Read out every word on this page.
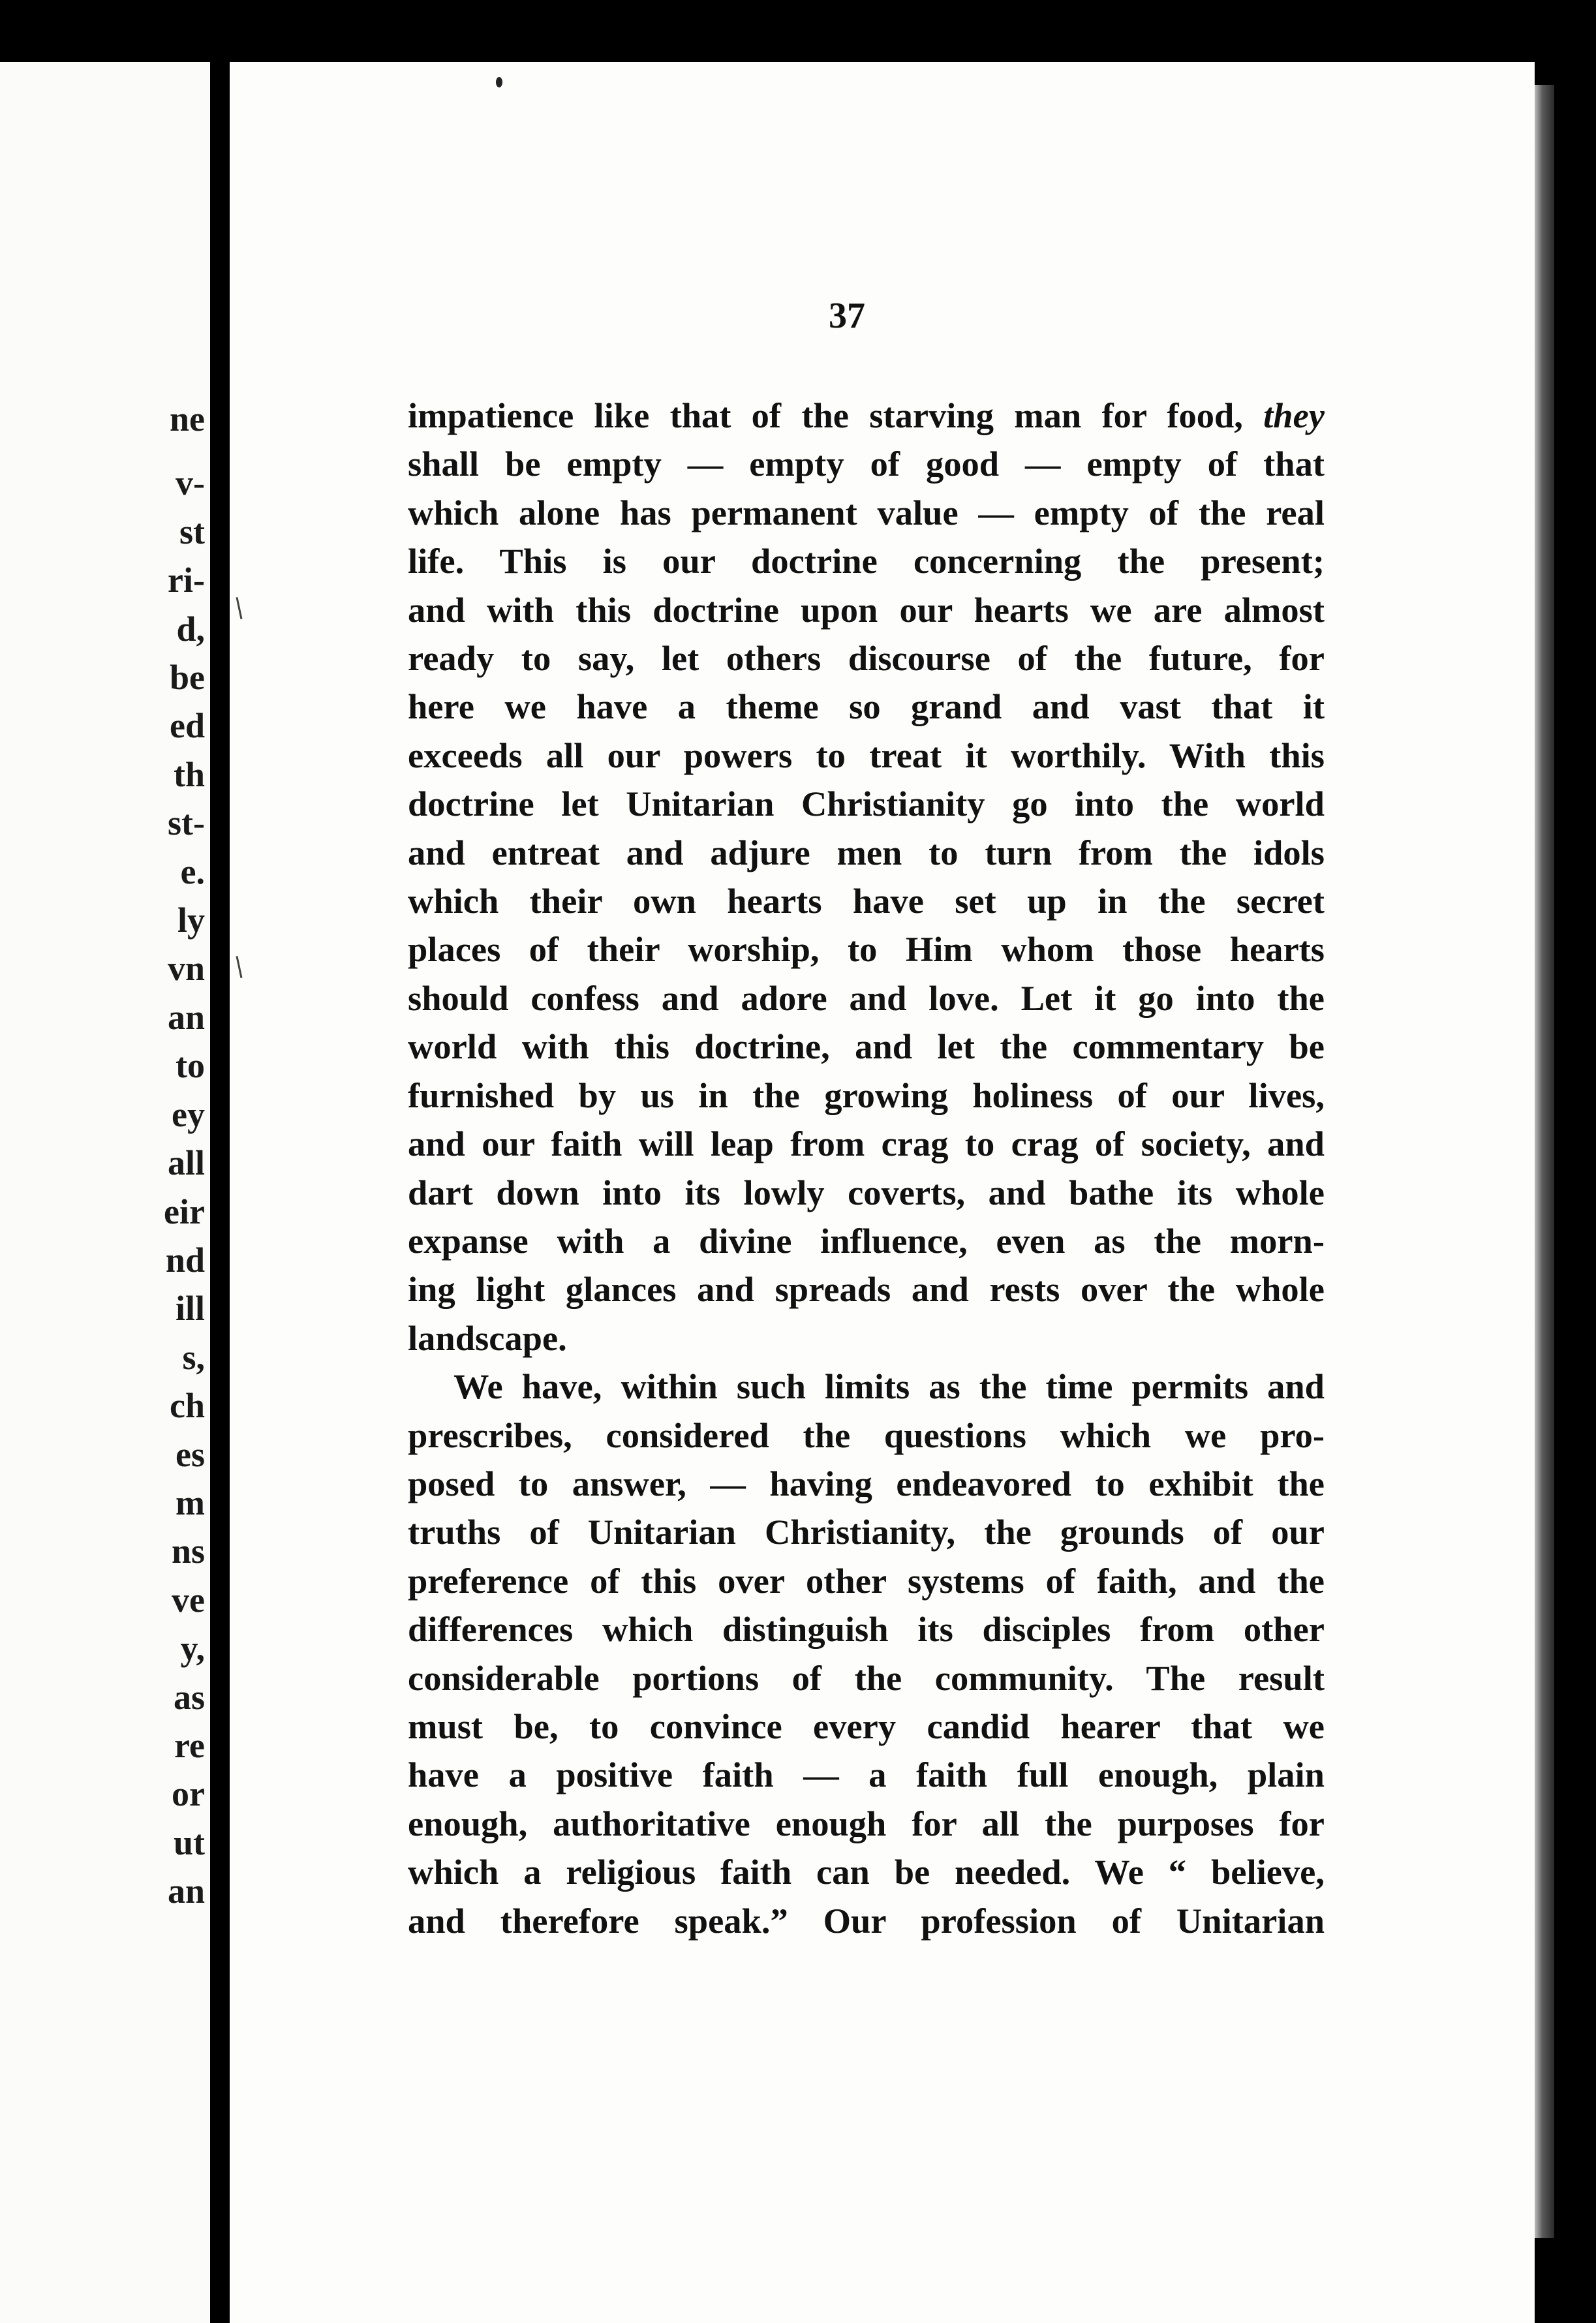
ne
v-
st
ri-
d,
be
ed
th
st-
e.
ly
vn
an
to
ey
all
eir
nd
ill
s,
ch
es
m
ns
ve
y,
as
re
or
ut
an
37
impatience like that of the starving man for food, they
shall be empty — empty of good — empty of that
which alone has permanent value — empty of the real
life. This is our doctrine concerning the present;
and with this doctrine upon our hearts we are almost
ready to say, let others discourse of the future, for
here we have a theme so grand and vast that it
exceeds all our powers to treat it worthily. With this
doctrine let Unitarian Christianity go into the world
and entreat and adjure men to turn from the idols
which their own hearts have set up in the secret
places of their worship, to Him whom those hearts
should confess and adore and love. Let it go into the
world with this doctrine, and let the commentary be
furnished by us in the growing holiness of our lives,
and our faith will leap from crag to crag of society, and
dart down into its lowly coverts, and bathe its whole
expanse with a divine influence, even as the morn-
ing light glances and spreads and rests over the whole
landscape.
We have, within such limits as the time permits and
prescribes, considered the questions which we pro-
posed to answer, — having endeavored to exhibit the
truths of Unitarian Christianity, the grounds of our
preference of this over other systems of faith, and the
differences which distinguish its disciples from other
considerable portions of the community. The result
must be, to convince every candid hearer that we
have a positive faith — a faith full enough, plain
enough, authoritative enough for all the purposes for
which a religious faith can be needed. We “ believe,
and therefore speak.” Our profession of Unitarian
